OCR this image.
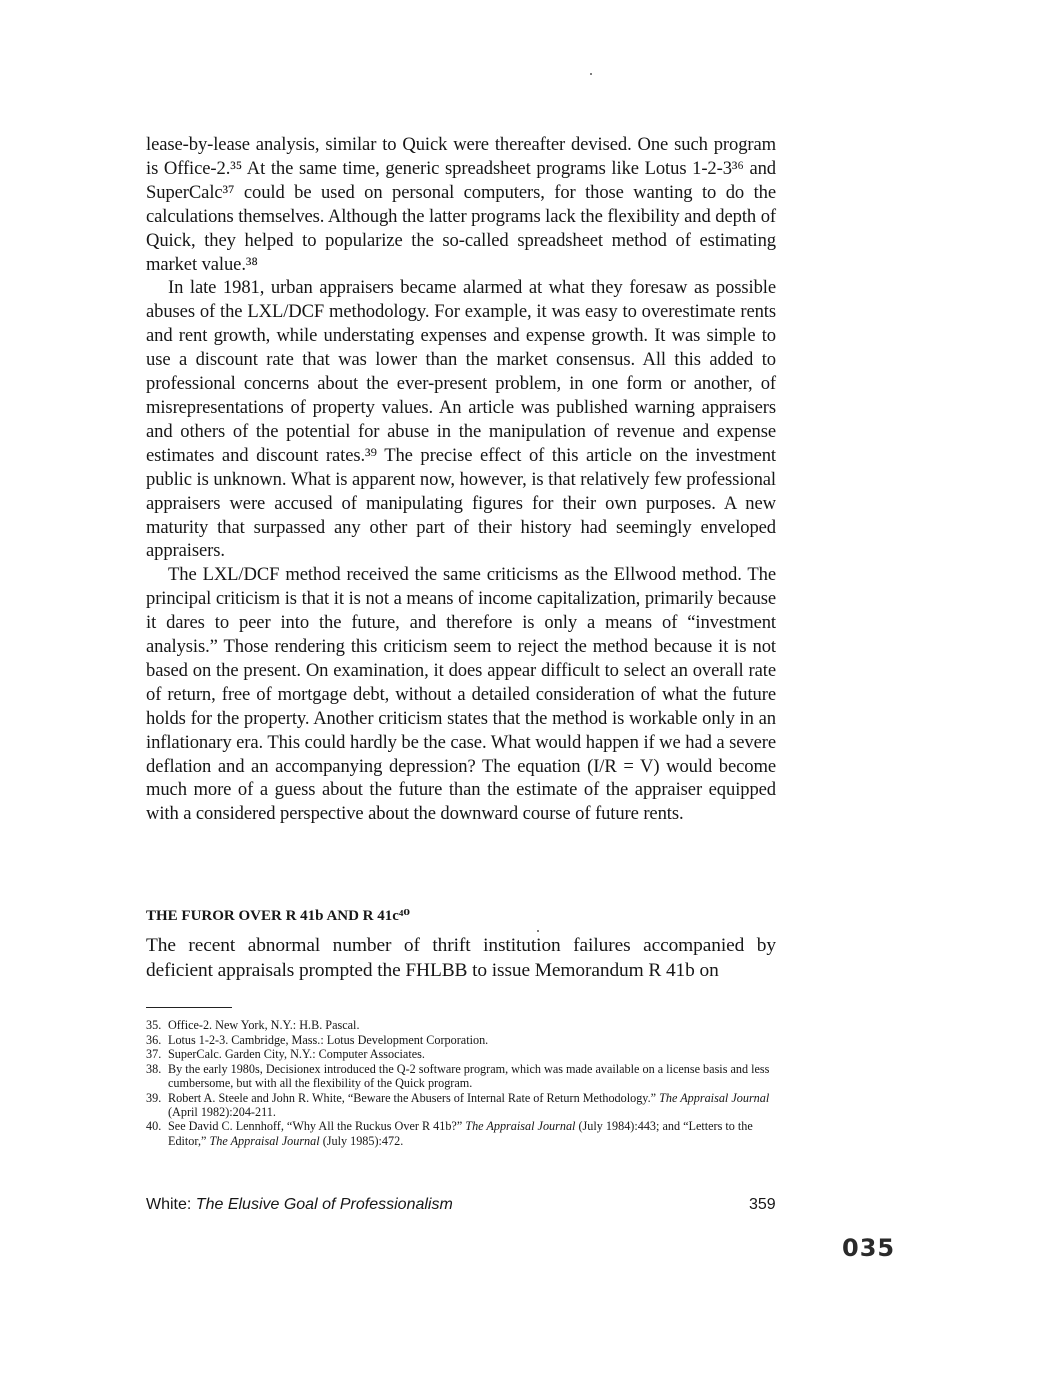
lease-by-lease analysis, similar to Quick were thereafter devised. One such program is Office-2.³⁵ At the same time, generic spreadsheet programs like Lotus 1-2-3³⁶ and SuperCalc³⁷ could be used on personal computers, for those wanting to do the calculations themselves. Although the latter programs lack the flexibility and depth of Quick, they helped to popularize the so-called spreadsheet method of estimating market value.³⁸

In late 1981, urban appraisers became alarmed at what they foresaw as possible abuses of the LXL/DCF methodology. For example, it was easy to overestimate rents and rent growth, while understating expenses and expense growth. It was simple to use a discount rate that was lower than the market consensus. All this added to professional concerns about the ever-present problem, in one form or another, of misrepresentations of property values. An article was published warning appraisers and others of the potential for abuse in the manipulation of revenue and expense estimates and discount rates.³⁹ The precise effect of this article on the investment public is unknown. What is apparent now, however, is that relatively few professional appraisers were accused of manipulating figures for their own purposes. A new maturity that surpassed any other part of their history had seemingly enveloped appraisers.

The LXL/DCF method received the same criticisms as the Ellwood method. The principal criticism is that it is not a means of income capitalization, primarily because it dares to peer into the future, and therefore is only a means of “investment analysis.” Those rendering this criticism seem to reject the method because it is not based on the present. On examination, it does appear difficult to select an overall rate of return, free of mortgage debt, without a detailed consideration of what the future holds for the property. Another criticism states that the method is workable only in an inflationary era. This could hardly be the case. What would happen if we had a severe deflation and an accompanying depression? The equation (I/R = V) would become much more of a guess about the future than the estimate of the appraiser equipped with a considered perspective about the downward course of future rents.

THE FUROR OVER R 41b AND R 41c⁴⁰

The recent abnormal number of thrift institution failures accompanied by deficient appraisals prompted the FHLBB to issue Memorandum R 41b on

35. Office-2. New York, N.Y.: H.B. Pascal.
36. Lotus 1-2-3. Cambridge, Mass.: Lotus Development Corporation.
37. SuperCalc. Garden City, N.Y.: Computer Associates.
38. By the early 1980s, Decisionex introduced the Q-2 software program, which was made available on a license basis and less cumbersome, but with all the flexibility of the Quick program.
39. Robert A. Steele and John R. White, “Beware the Abusers of Internal Rate of Return Methodology.” The Appraisal Journal (April 1982):204-211.
40. See David C. Lennhoff, “Why All the Ruckus Over R 41b?” The Appraisal Journal (July 1984):443; and “Letters to the Editor,” The Appraisal Journal (July 1985):472.
White: The Elusive Goal of Professionalism	359
035
